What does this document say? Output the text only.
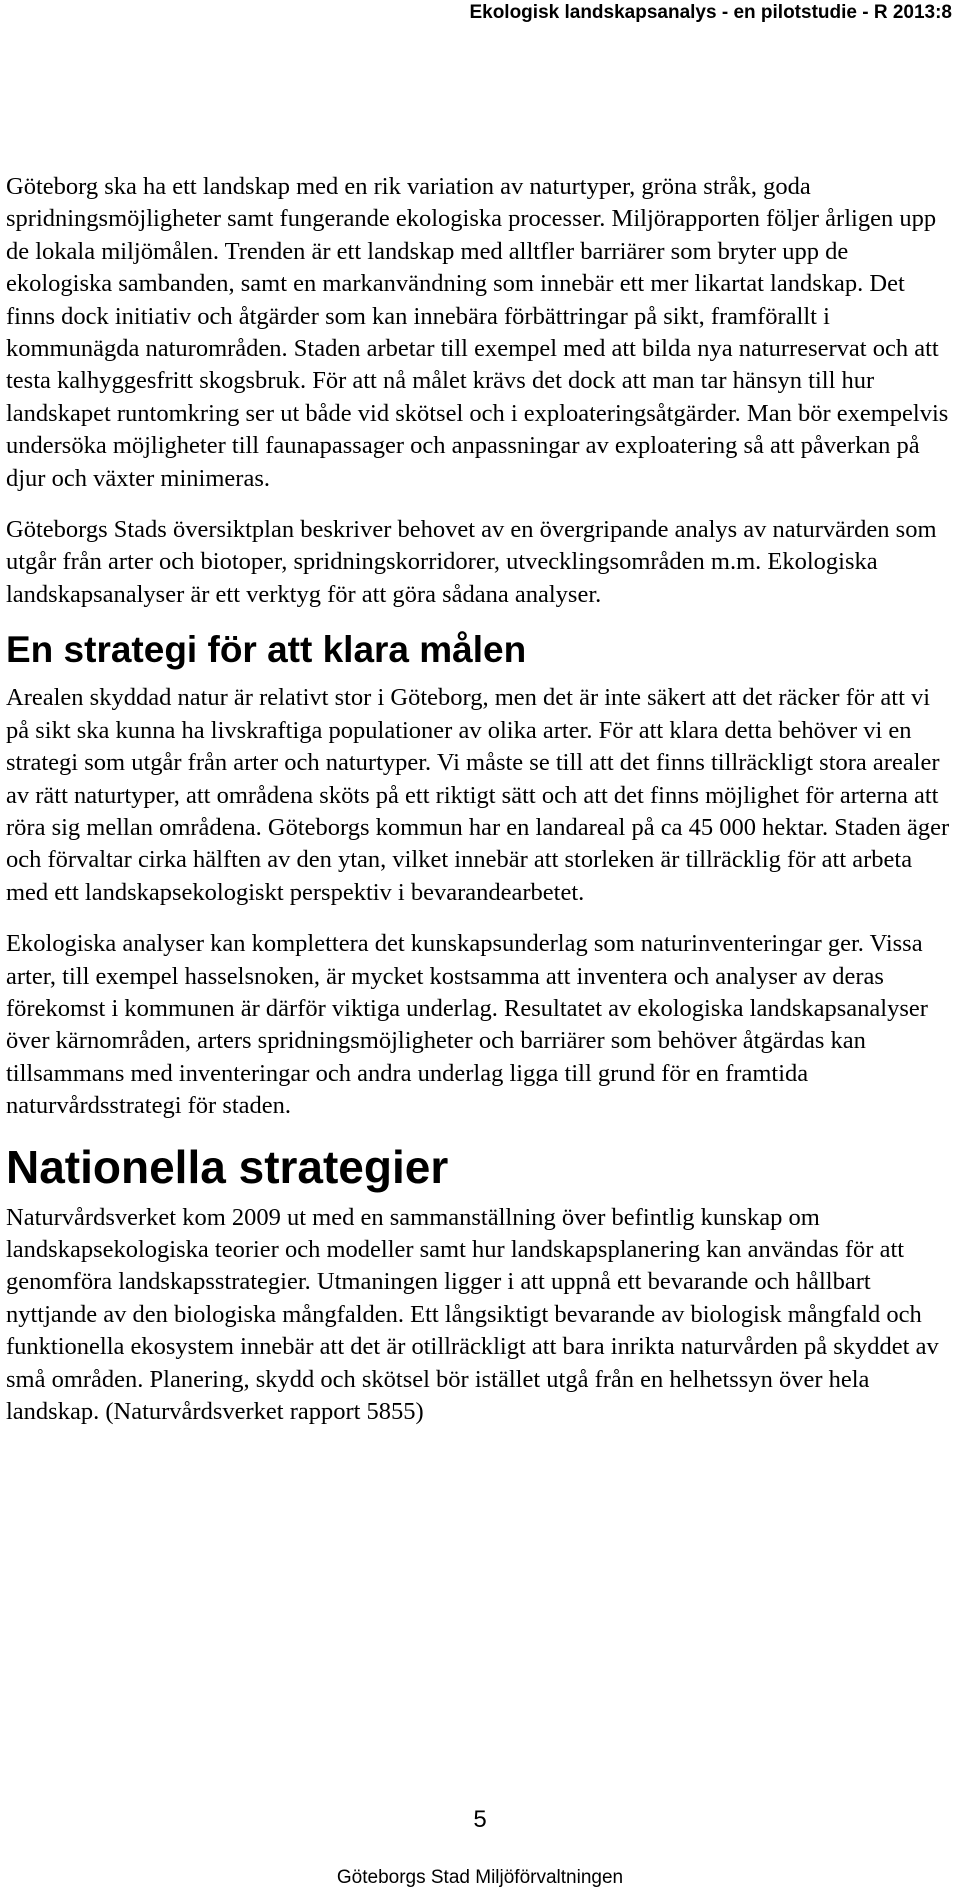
Ekologisk landskapsanalys - en pilotstudie - R 2013:8

Göteborg ska ha ett landskap med en rik variation av naturtyper, gröna stråk, goda spridningsmöjligheter samt fungerande ekologiska processer. Miljörapporten följer årligen upp de lokala miljömålen. Trenden är ett landskap med alltfler barriärer som bryter upp de ekologiska sambanden, samt en markanvändning som innebär ett mer likartat landskap. Det finns dock initiativ och åtgärder som kan innebära förbättringar på sikt, framförallt i kommunägda naturområden. Staden arbetar till exempel med att bilda nya naturreservat och att testa kalhyggesfritt skogsbruk. För att nå målet krävs det dock att man tar hänsyn till hur landskapet runtomkring ser ut både vid skötsel och i exploateringsåtgärder. Man bör exempelvis undersöka möjligheter till faunapassager och anpassningar av exploatering så att påverkan på djur och växter minimeras.

Göteborgs Stads översiktplan beskriver behovet av en övergripande analys av naturvärden som utgår från arter och biotoper, spridningskorridorer, utvecklingsområden m.m. Ekologiska landskapsanalyser är ett verktyg för att göra sådana analyser.

En strategi för att klara målen

Arealen skyddad natur är relativt stor i Göteborg, men det är inte säkert att det räcker för att vi på sikt ska kunna ha livskraftiga populationer av olika arter. För att klara detta behöver vi en strategi som utgår från arter och naturtyper. Vi måste se till att det finns tillräckligt stora arealer av rätt naturtyper, att områdena sköts på ett riktigt sätt och att det finns möjlighet för arterna att röra sig mellan områdena. Göteborgs kommun har en landareal på ca 45 000 hektar. Staden äger och förvaltar cirka hälften av den ytan, vilket innebär att storleken är tillräcklig för att arbeta med ett landskapsekologiskt perspektiv i bevarandearbetet.

Ekologiska analyser kan komplettera det kunskapsunderlag som naturinventeringar ger. Vissa arter, till exempel hasselsnoken, är mycket kostsamma att inventera och analyser av deras förekomst i kommunen är därför viktiga underlag. Resultatet av ekologiska landskapsanalyser över kärnområden, arters spridningsmöjligheter och barriärer som behöver åtgärdas kan tillsammans med inventeringar och andra underlag ligga till grund för en framtida naturvårdsstrategi för staden.

Nationella strategier

Naturvårdsverket kom 2009 ut med en sammanställning över befintlig kunskap om landskapsekologiska teorier och modeller samt hur landskapsplanering kan användas för att genomföra landskapsstrategier. Utmaningen ligger i att uppnå ett bevarande och hållbart nyttjande av den biologiska mångfalden. Ett långsiktigt bevarande av biologisk mångfald och funktionella ekosystem innebär att det är otillräckligt att bara inrikta naturvården på skyddet av små områden. Planering, skydd och skötsel bör istället utgå från en helhetssyn över hela landskap. (Naturvårdsverket rapport 5855)

5
Göteborgs Stad Miljöförvaltningen
